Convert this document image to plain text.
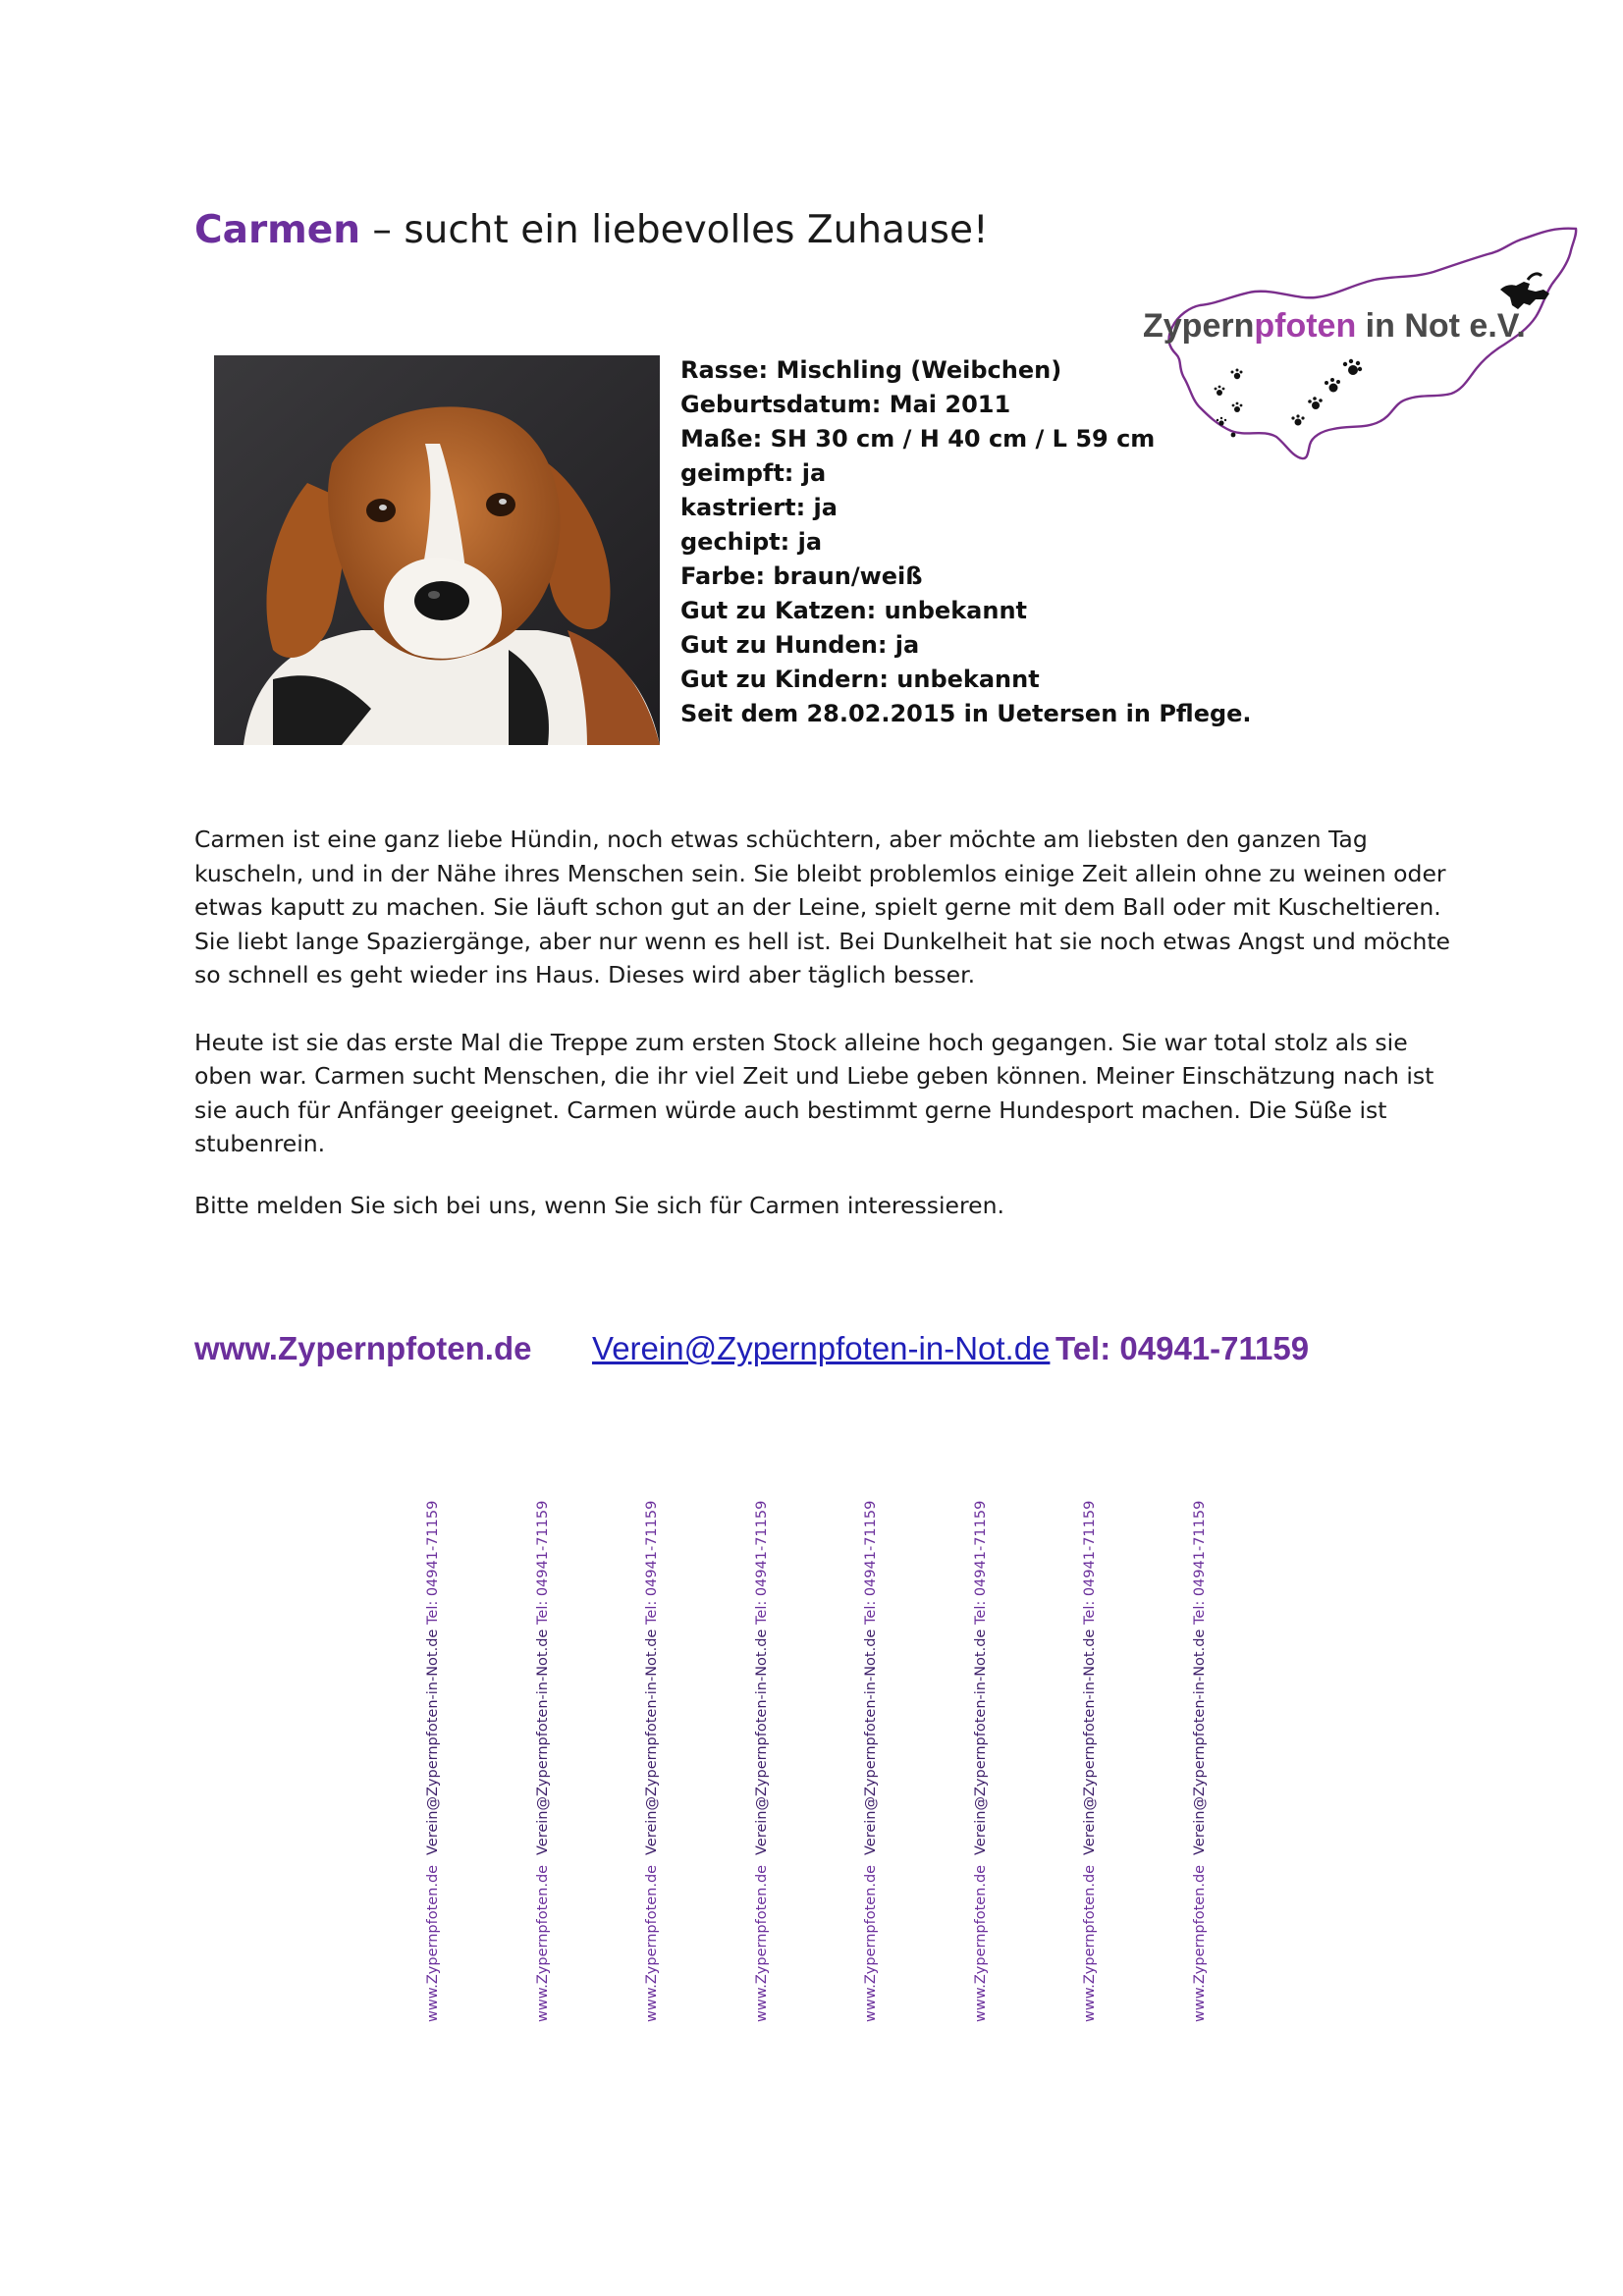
Carmen – sucht ein liebevolles Zuhause!
Zypernpfoten in Not e.V.
Rasse: Mischling (Weibchen)
Geburtsdatum: Mai 2011
Maße: SH 30 cm / H 40 cm / L 59 cm
geimpft: ja
kastriert: ja
gechipt: ja
Farbe: braun/weiß
Gut zu Katzen: unbekannt
Gut zu Hunden: ja
Gut zu Kindern: unbekannt
Seit dem 28.02.2015 in Uetersen in Pflege.

Carmen ist eine ganz liebe Hündin, noch etwas schüchtern, aber möchte am liebsten den ganzen Tag kuscheln, und in der Nähe ihres Menschen sein. Sie bleibt problemlos einige Zeit allein ohne zu weinen oder etwas kaputt zu machen. Sie läuft schon gut an der Leine, spielt gerne mit dem Ball oder mit Kuscheltieren. Sie liebt lange Spaziergänge, aber nur wenn es hell ist. Bei Dunkelheit hat sie noch etwas Angst und möchte so schnell es geht wieder ins Haus. Dieses wird aber täglich besser.

Heute ist sie das erste Mal die Treppe zum ersten Stock alleine hoch gegangen. Sie war total stolz als sie oben war. Carmen sucht Menschen, die ihr viel Zeit und Liebe geben können. Meiner Einschätzung nach ist sie auch für Anfänger geeignet. Carmen würde auch bestimmt gerne Hundesport machen. Die Süße ist stubenrein.

Bitte melden Sie sich bei uns, wenn Sie sich für Carmen interessieren.

www.Zypernpfoten.de Verein@Zypernpfoten-in-Not.de Tel: 04941-71159
Tel: 04941-71159
Verein@Zypernpfoten-in-Not.de
www.Zypernpfoten.de
Tel: 04941-71159
Verein@Zypernpfoten-in-Not.de
www.Zypernpfoten.de
Tel: 04941-71159
Verein@Zypernpfoten-in-Not.de
www.Zypernpfoten.de
Tel: 04941-71159
Verein@Zypernpfoten-in-Not.de
www.Zypernpfoten.de
Tel: 04941-71159
Verein@Zypernpfoten-in-Not.de
www.Zypernpfoten.de
Tel: 04941-71159
Verein@Zypernpfoten-in-Not.de
www.Zypernpfoten.de
Tel: 04941-71159
Verein@Zypernpfoten-in-Not.de
www.Zypernpfoten.de
Tel: 04941-71159
Verein@Zypernpfoten-in-Not.de
www.Zypernpfoten.de
